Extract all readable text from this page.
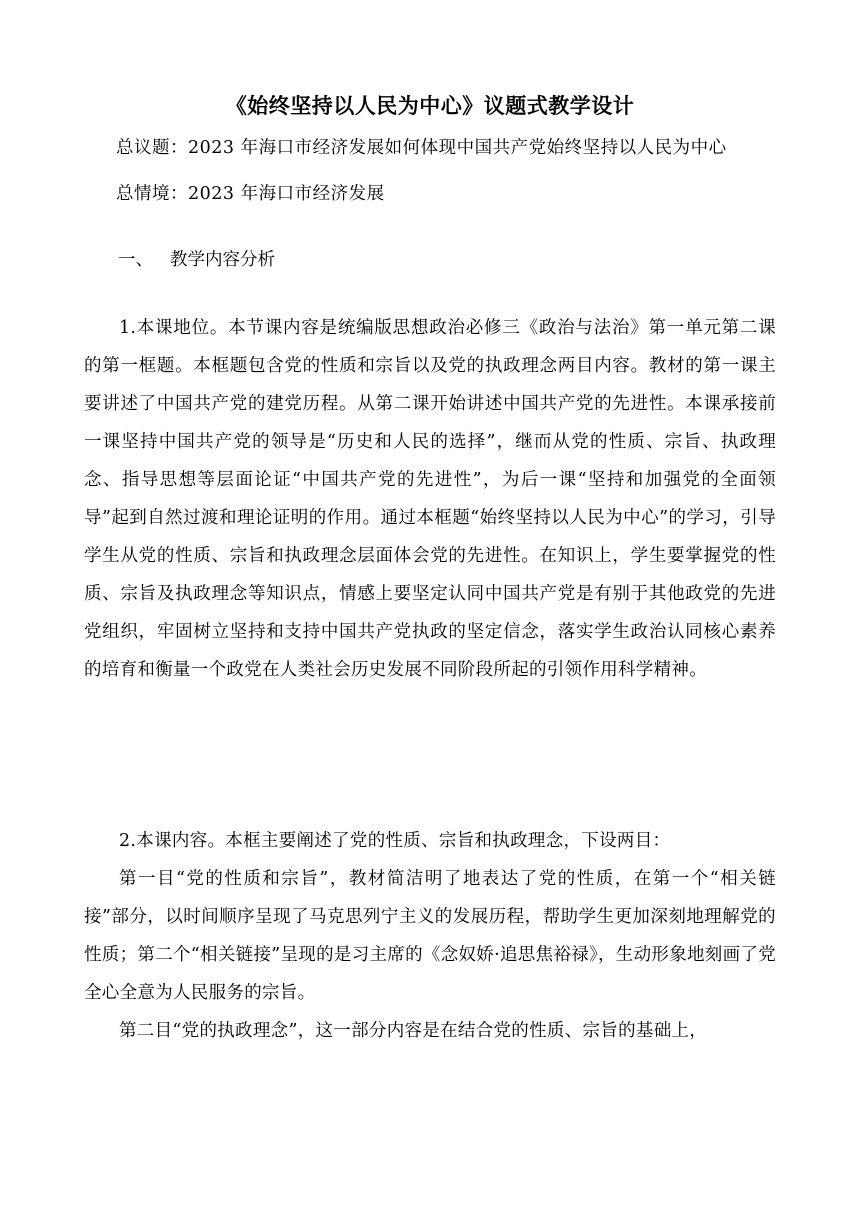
《始终坚持以人民为中心》议题式教学设计
总议题：2023 年海口市经济发展如何体现中国共产党始终坚持以人民为中心
总情境：2023 年海口市经济发展
一、 教学内容分析

1.本课地位。本节课内容是统编版思想政治必修三《政治与法治》第一单元第二课的第一框题。本框题包含党的性质和宗旨以及党的执政理念两目内容。教材的第一课主要讲述了中国共产党的建党历程。从第二课开始讲述中国共产党的先进性。本课承接前一课坚持中国共产党的领导是“历史和人民的选择”，继而从党的性质、宗旨、执政理念、指导思想等层面论证“中国共产党的先进性”，为后一课“坚持和加强党的全面领导”起到自然过渡和理论证明的作用。通过本框题“始终坚持以人民为中心”的学习，引导学生从党的性质、宗旨和执政理念层面体会党的先进性。在知识上，学生要掌握党的性质、宗旨及执政理念等知识点，情感上要坚定认同中国共产党是有别于其他政党的先进党组织，牢固树立坚持和支持中国共产党执政的坚定信念，落实学生政治认同核心素养的培育和衡量一个政党在人类社会历史发展不同阶段所起的引领作用科学精神。

2.本课内容。本框主要阐述了党的性质、宗旨和执政理念，下设两目：

第一目“党的性质和宗旨”，教材简洁明了地表达了党的性质，在第一个“相关链接”部分，以时间顺序呈现了马克思列宁主义的发展历程，帮助学生更加深刻地理解党的性质；第二个“相关链接”呈现的是习主席的《念奴娇·追思焦裕禄》，生动形象地刻画了党全心全意为人民服务的宗旨。

第二目“党的执政理念”，这一部分内容是在结合党的性质、宗旨的基础上，
